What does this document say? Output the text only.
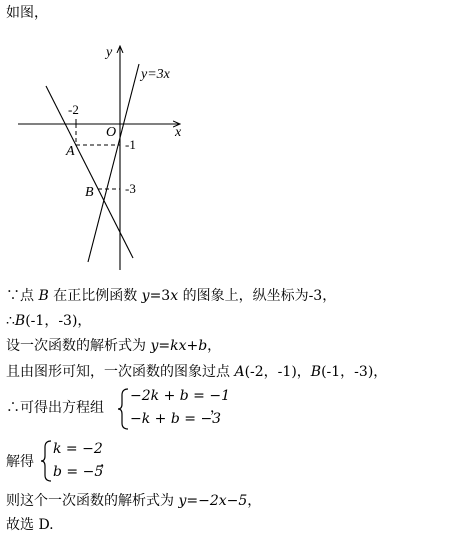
如图，
y
y=3x
-2
O	x
-1
A
B -3
∵点 B 在正比例函数 y=3x 的图象上，纵坐标为-3，
∴B(-1，-3)，
设一次函数的解析式为 y=kx+b，
且由图形可知，一次函数的图象过点 A(-2，-1)，B(-1，-3)，
∴可得出方程组
−2k + b = −1
−k + b = −3
，
解得
k = −2
b = −5
，
则这个一次函数的解析式为 y=−2x−5，
故选 D.
